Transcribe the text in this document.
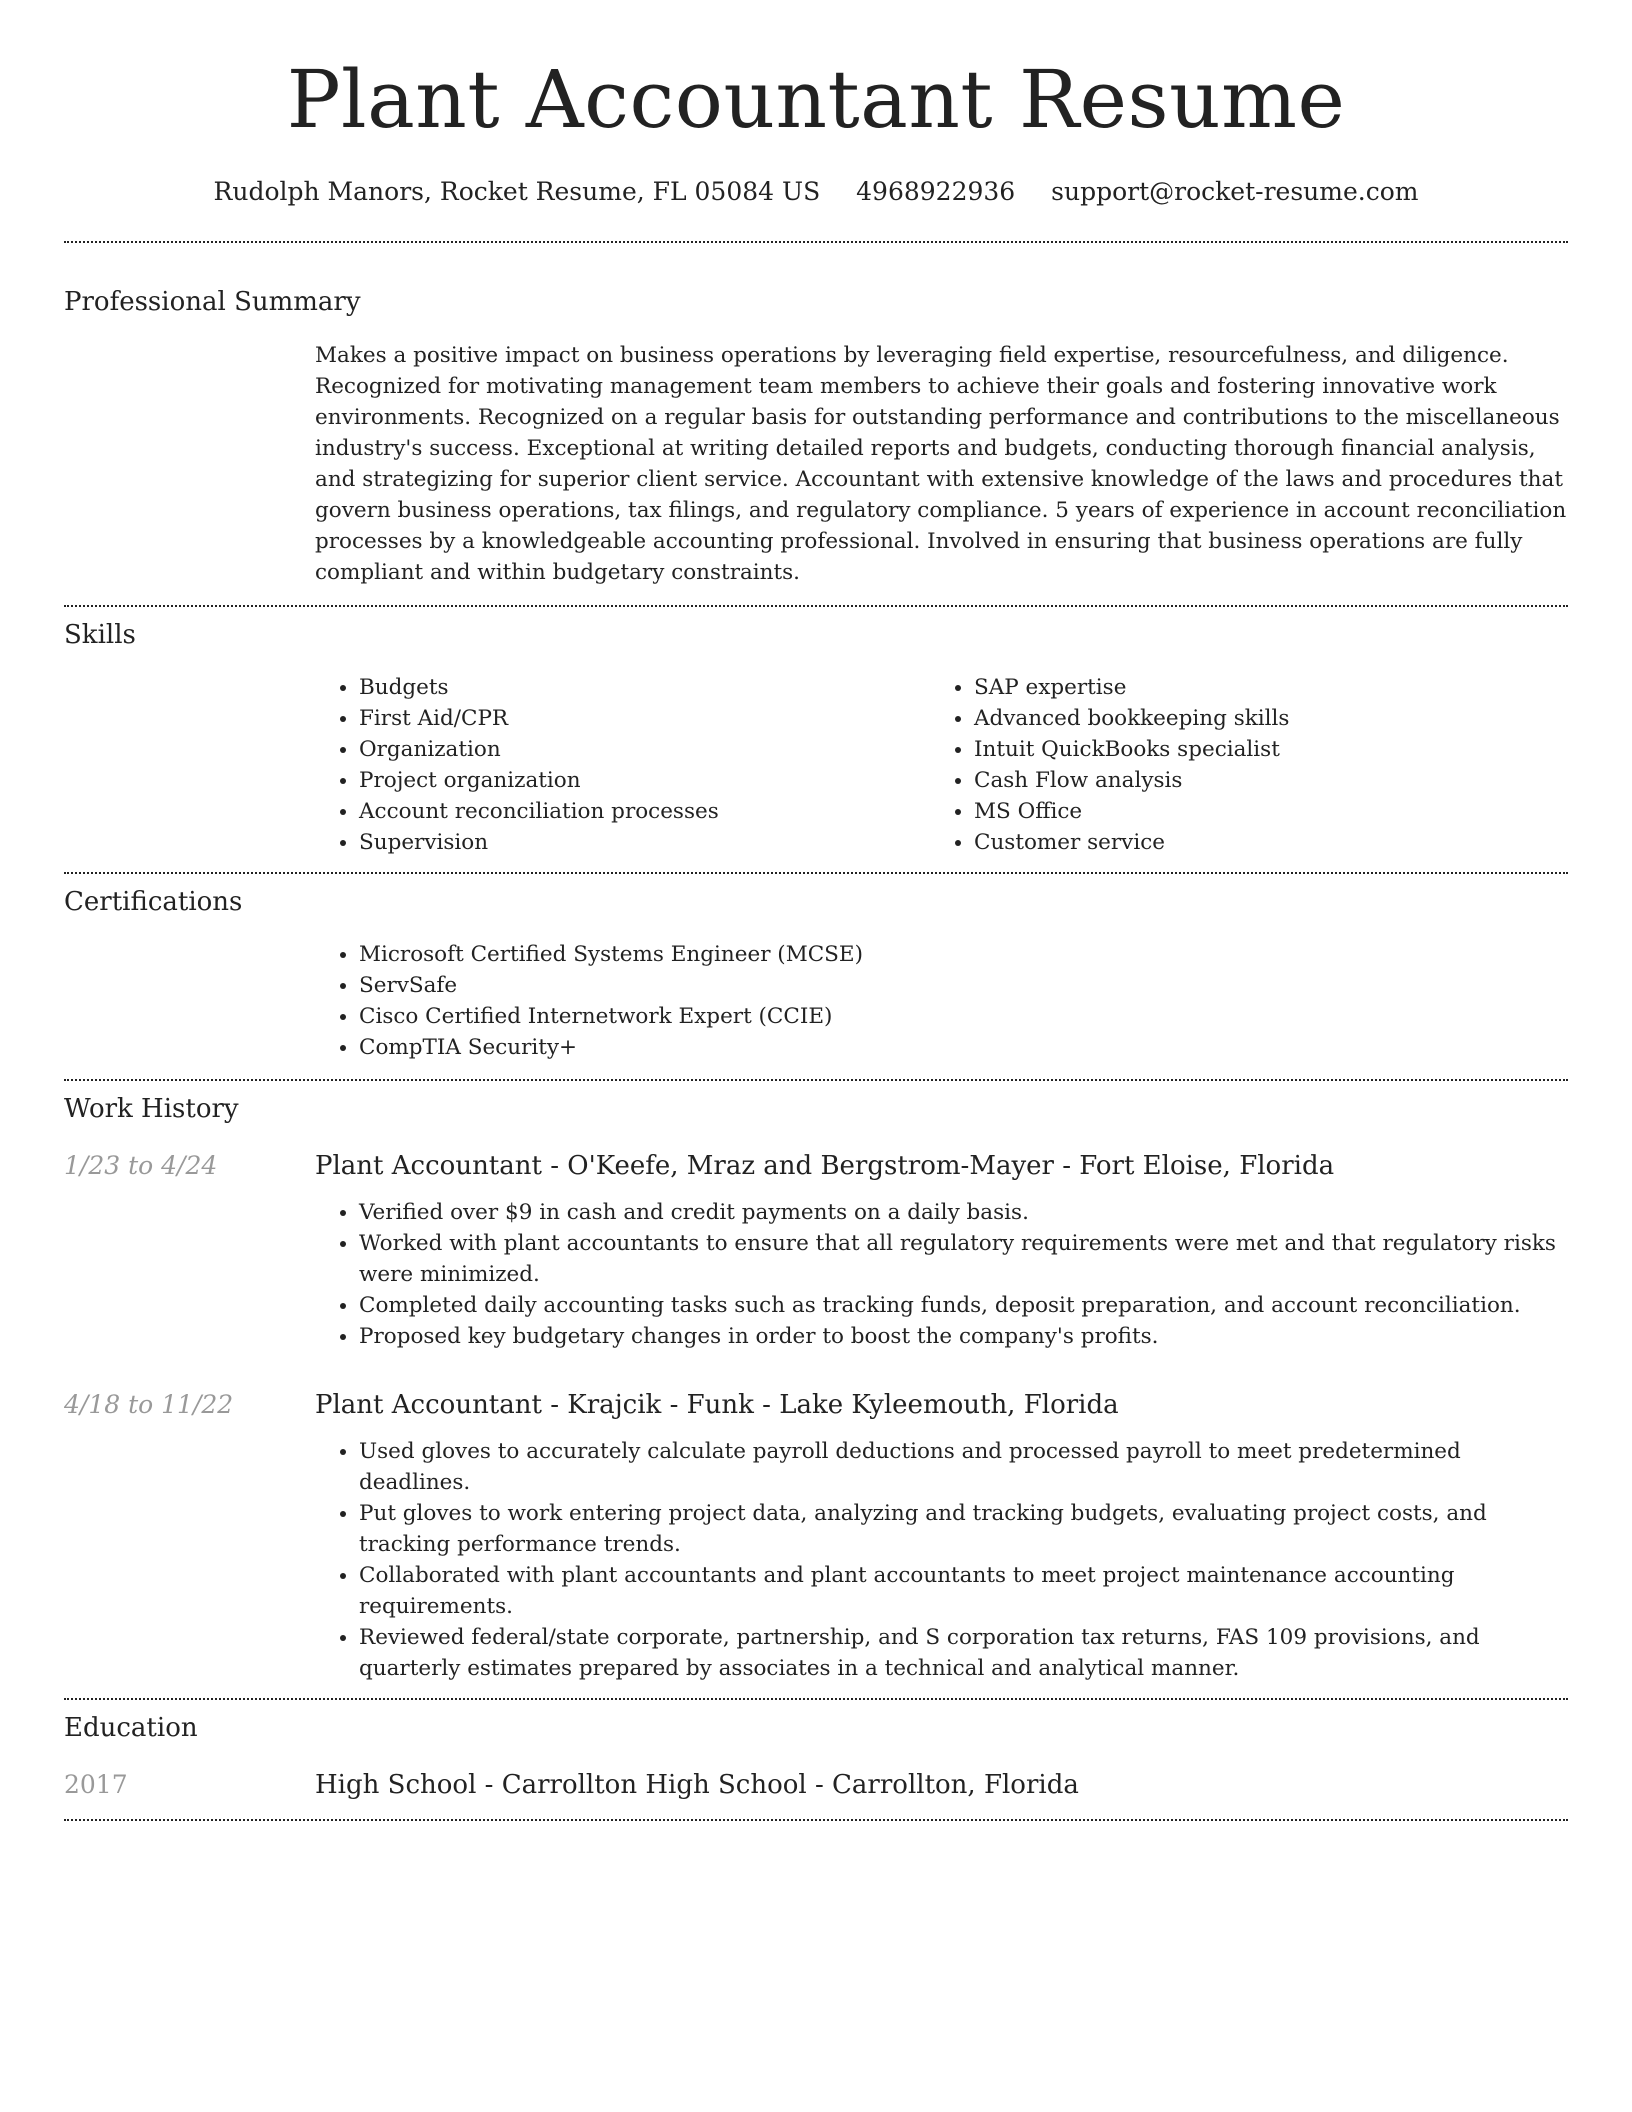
Plant Accountant Resume
Rudolph Manors, Rocket Resume, FL 05084 US 4968922936 support@rocket-resume.com
Professional Summary

Makes a positive impact on business operations by leveraging field expertise, resourcefulness, and diligence. Recognized for motivating management team members to achieve their goals and fostering innovative work environments. Recognized on a regular basis for outstanding performance and contributions to the miscellaneous industry's success. Exceptional at writing detailed reports and budgets, conducting thorough financial analysis, and strategizing for superior client service. Accountant with extensive knowledge of the laws and procedures that govern business operations, tax filings, and regulatory compliance. 5 years of experience in account reconciliation processes by a knowledgeable accounting professional. Involved in ensuring that business operations are fully compliant and within budgetary constraints.

Skills
• Budgets
• First Aid/CPR
• Organization
• Project organization
• Account reconciliation processes
• Supervision
• SAP expertise
• Advanced bookkeeping skills
• Intuit QuickBooks specialist
• Cash Flow analysis
• MS Office
• Customer service
Certifications
• Microsoft Certified Systems Engineer (MCSE)
• ServSafe
• Cisco Certified Internetwork Expert (CCIE)
• CompTIA Security+
Work History
1/23 to 4/24	Plant Accountant - O'Keefe, Mraz and Bergstrom-Mayer - Fort Eloise, Florida
• Verified over $9 in cash and credit payments on a daily basis.
• Worked with plant accountants to ensure that all regulatory requirements were met and that regulatory risks were minimized.
• Completed daily accounting tasks such as tracking funds, deposit preparation, and account reconciliation.
• Proposed key budgetary changes in order to boost the company's profits.
4/18 to 11/22	Plant Accountant - Krajcik - Funk - Lake Kyleemouth, Florida
• Used gloves to accurately calculate payroll deductions and processed payroll to meet predetermined deadlines.
• Put gloves to work entering project data, analyzing and tracking budgets, evaluating project costs, and tracking performance trends.
• Collaborated with plant accountants and plant accountants to meet project maintenance accounting requirements.
• Reviewed federal/state corporate, partnership, and S corporation tax returns, FAS 109 provisions, and quarterly estimates prepared by associates in a technical and analytical manner.
Education
2017	High School - Carrollton High School - Carrollton, Florida
